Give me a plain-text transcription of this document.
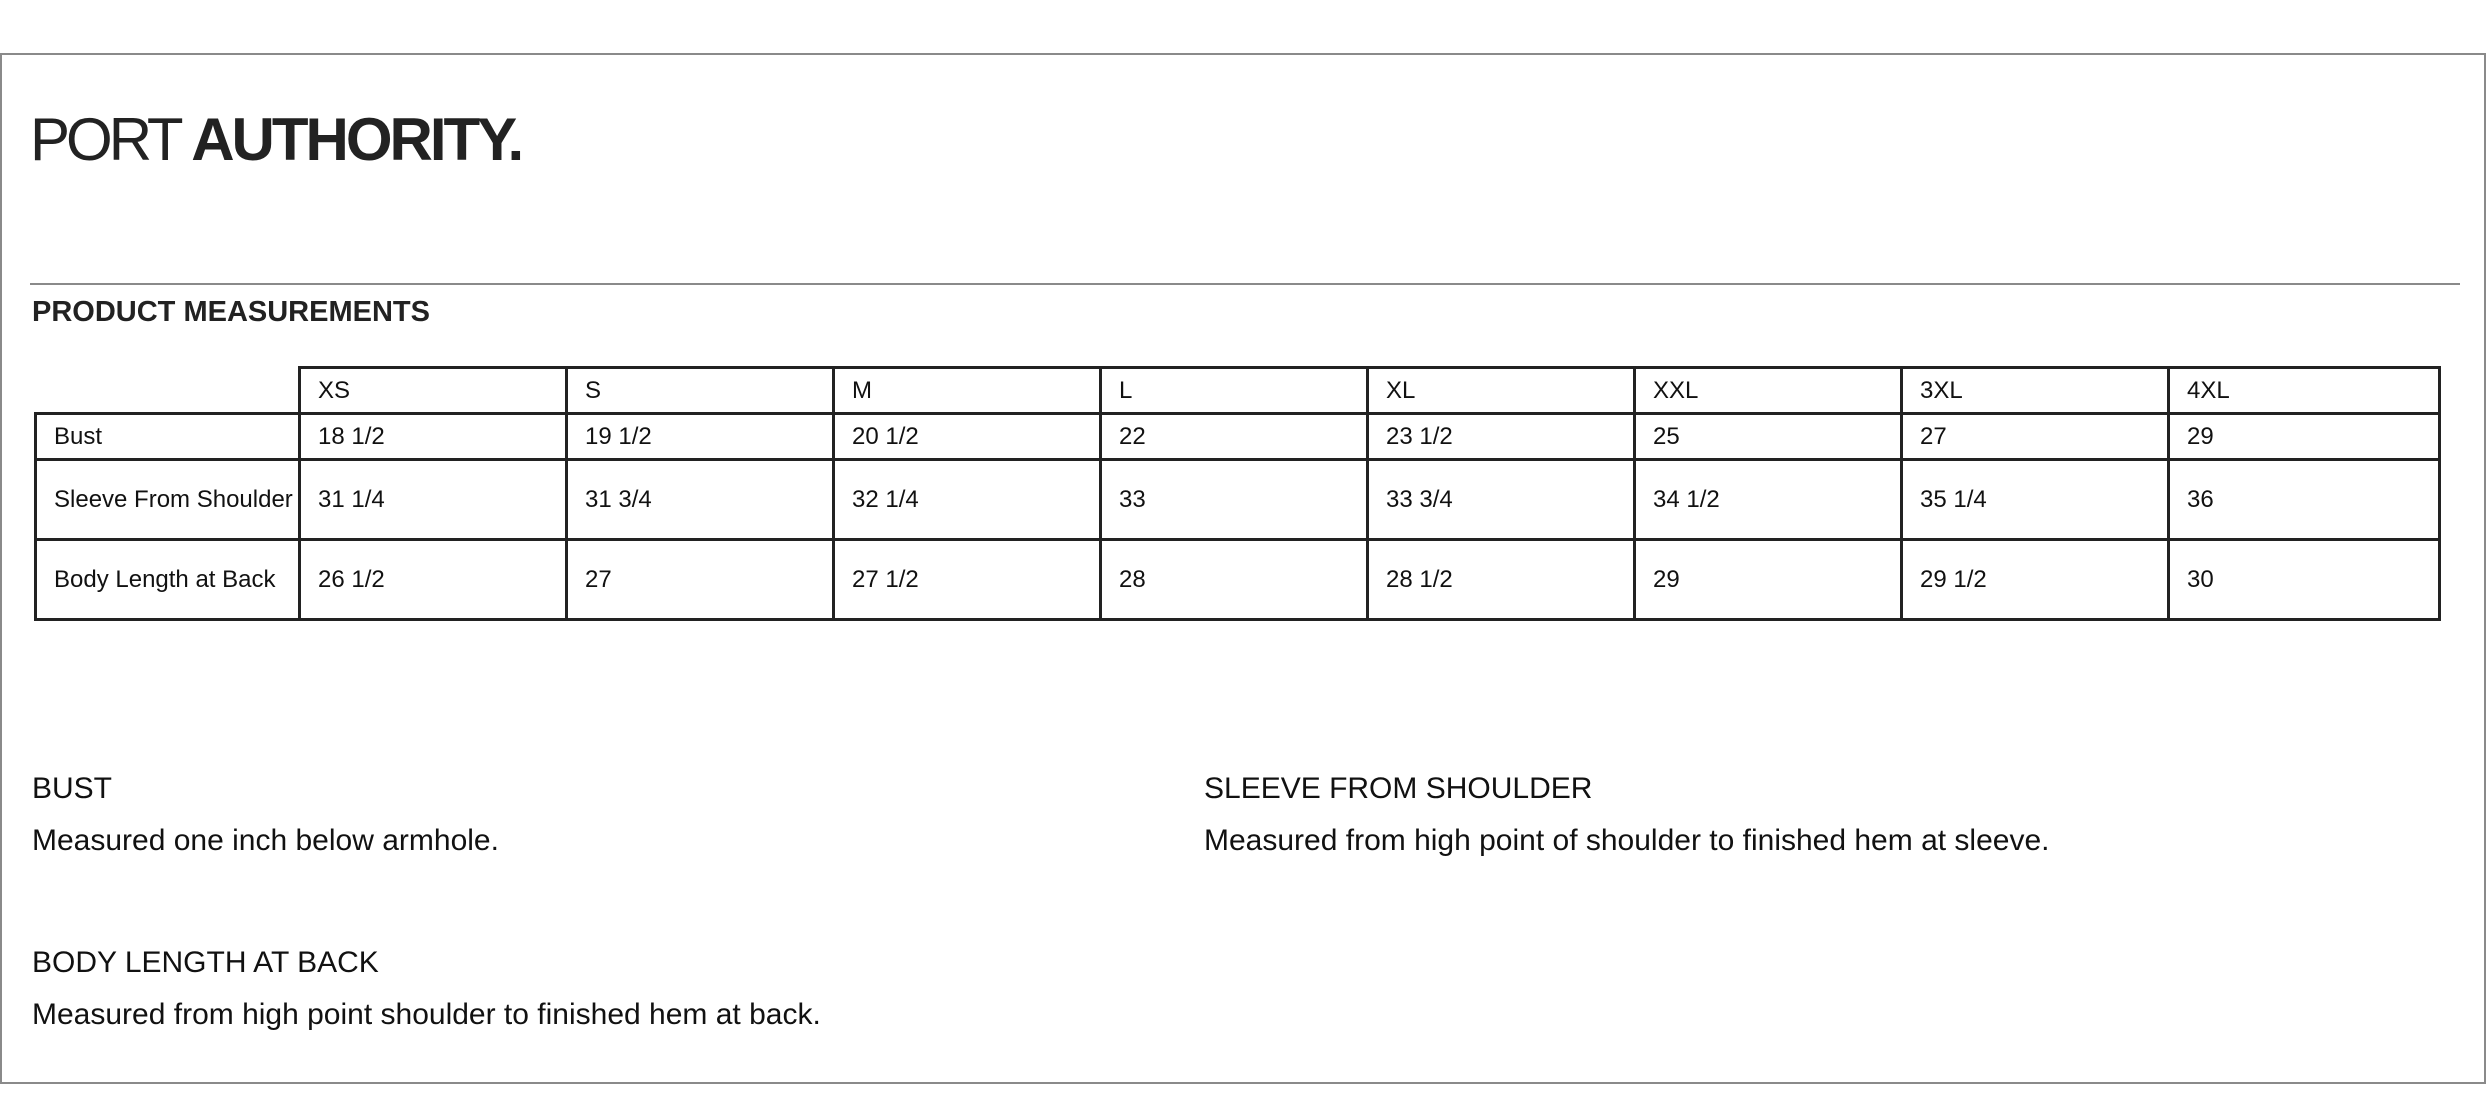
PORT AUTHORITY.
PRODUCT MEASUREMENTS
	XS	S	M	L	XL	XXL	3XL	4XL
Bust	18 1/2	19 1/2	20 1/2	22	23 1/2	25	27	29
Sleeve From Shoulder	31 1/4	31 3/4	32 1/4	33	33 3/4	34 1/2	35 1/4	36
Body Length at Back	26 1/2	27	27 1/2	28	28 1/2	29	29 1/2	30
BUST
Measured one inch below armhole.
SLEEVE FROM SHOULDER
Measured from high point of shoulder to finished hem at sleeve.
BODY LENGTH AT BACK
Measured from high point shoulder to finished hem at back.
